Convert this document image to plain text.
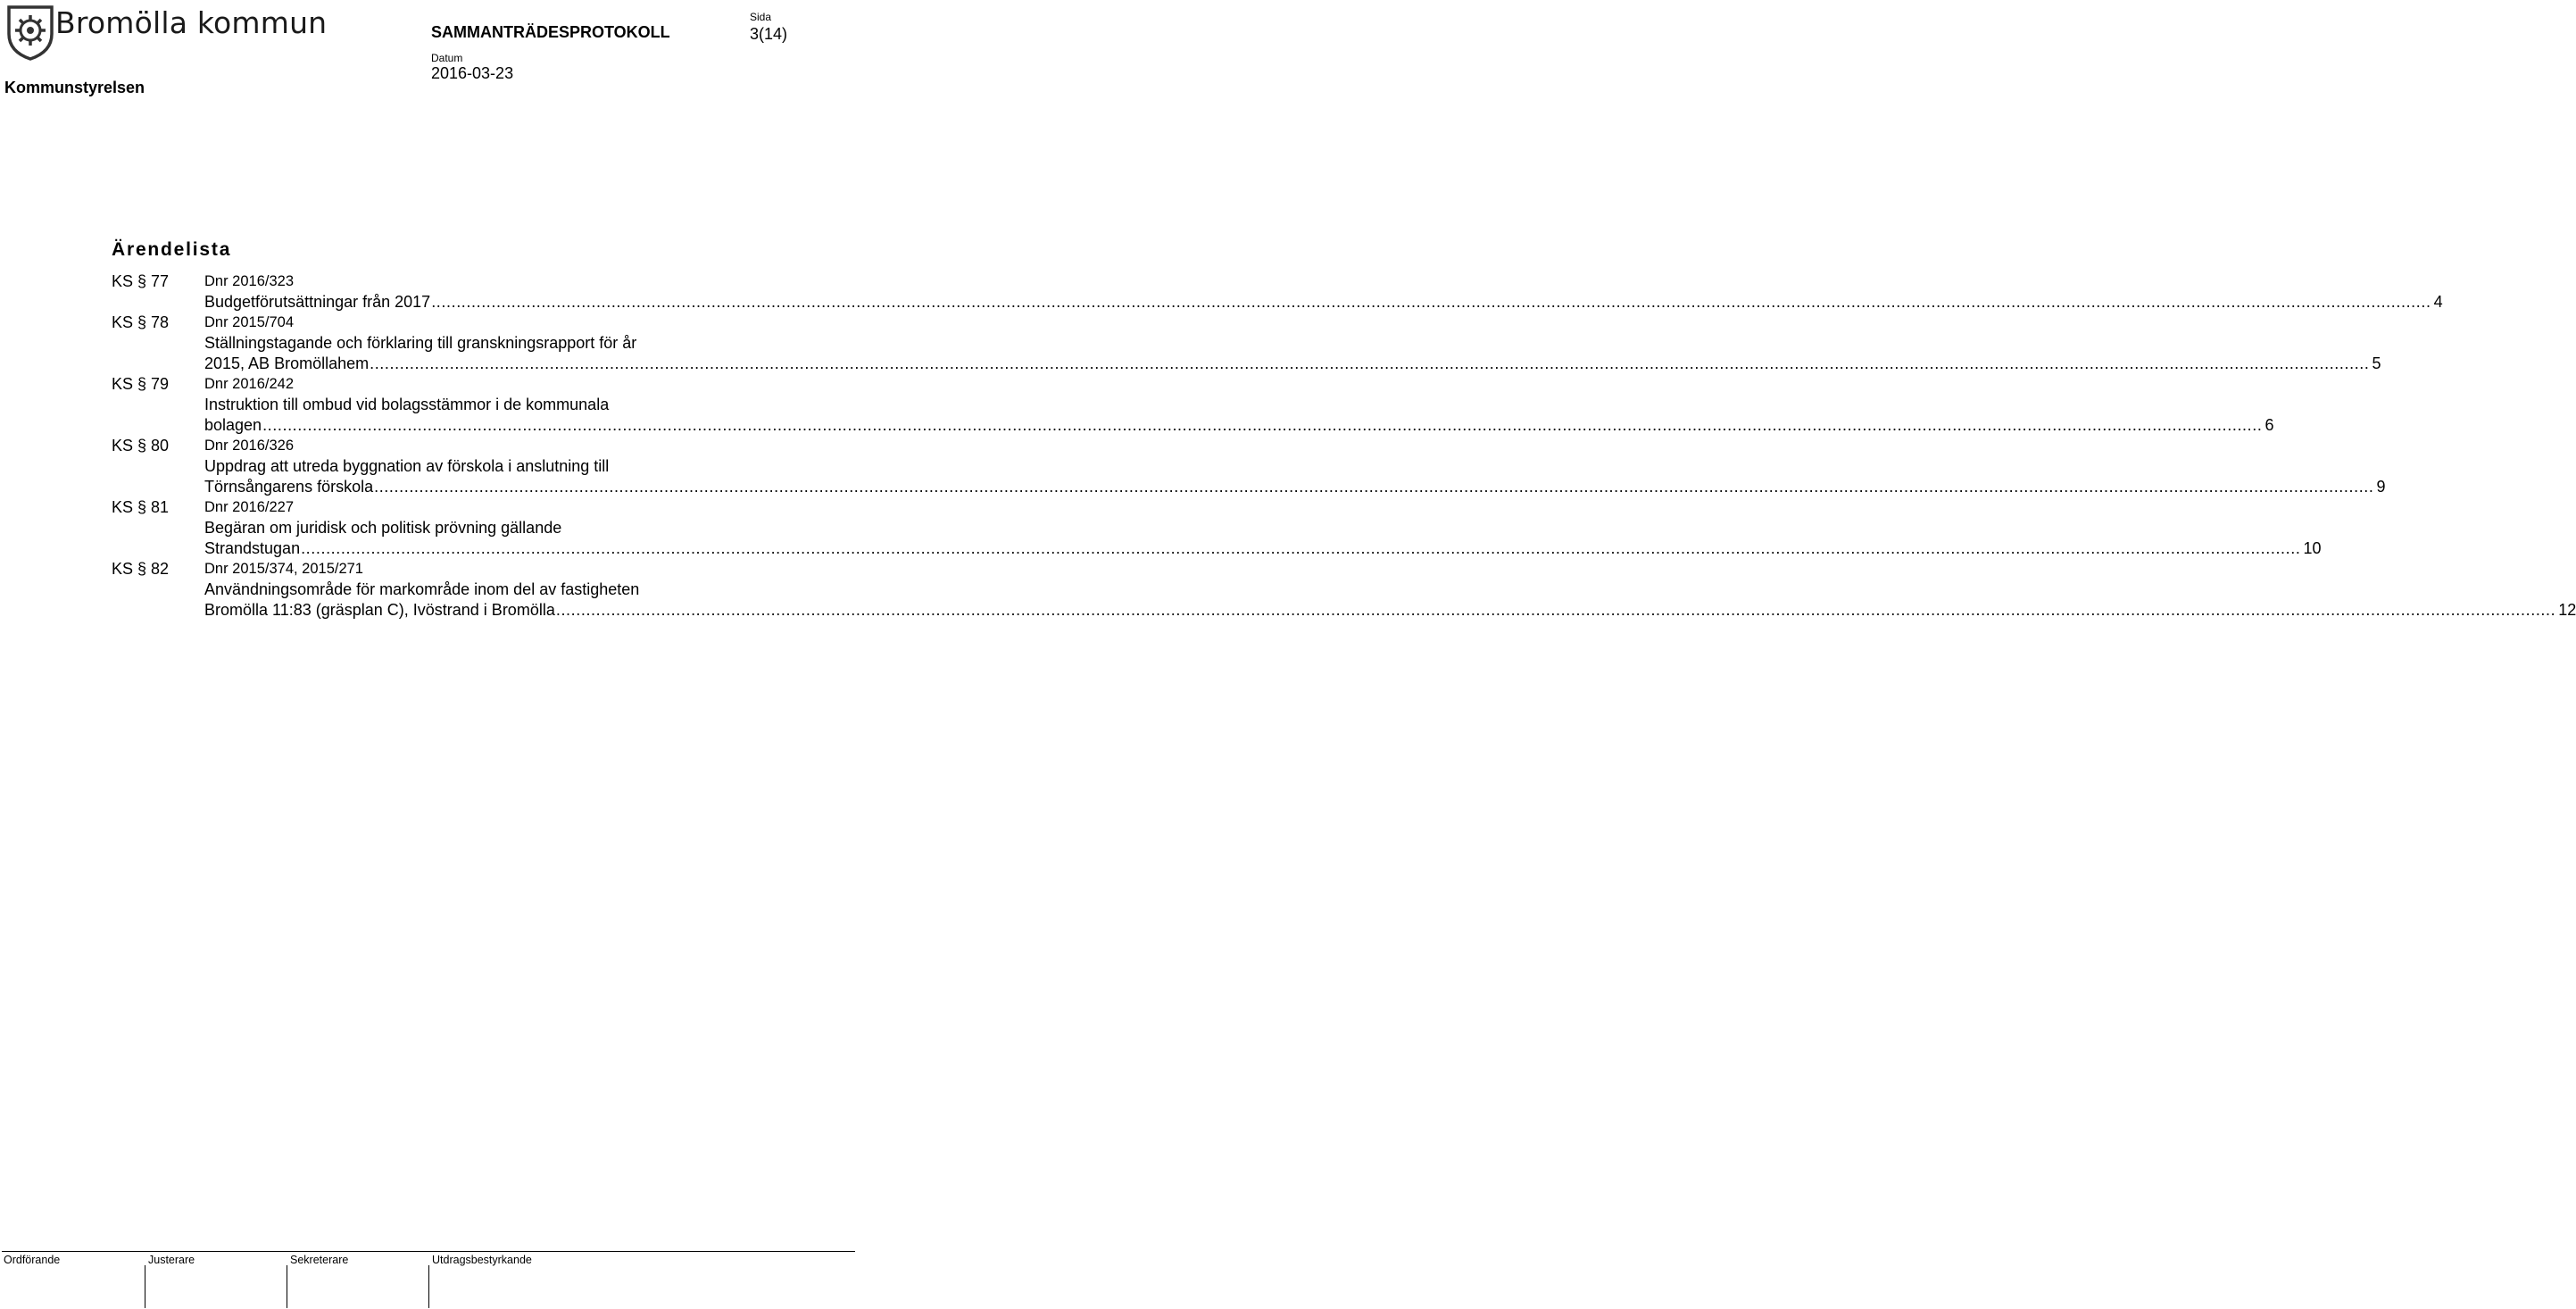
Bromölla kommun
Kommunstyrelsen
SAMMANTRÄDESPROTOKOLL
Datum
2016-03-23
Sida
3(14)
Ärendelista
KS § 77 Dnr 2016/323
Budgetförutsättningar från 2017 ................................................................................................................................................................................................................................................................................................................................................................................................................ 4
KS § 78 Dnr 2015/704
Ställningstagande och förklaring till granskningsrapport för år
2015, AB Bromöllahem ................................................................................................................................................................................................................................................................................................................................................................................................................ 5
KS § 79 Dnr 2016/242
Instruktion till ombud vid bolagsstämmor i de kommunala
bolagen ................................................................................................................................................................................................................................................................................................................................................................................................................ 6
KS § 80 Dnr 2016/326
Uppdrag att utreda byggnation av förskola i anslutning till
Törnsångarens förskola ................................................................................................................................................................................................................................................................................................................................................................................................................ 9
KS § 81 Dnr 2016/227
Begäran om juridisk och politisk prövning gällande
Strandstugan ................................................................................................................................................................................................................................................................................................................................................................................................................ 10
KS § 82 Dnr 2015/374, 2015/271
Användningsområde för markområde inom del av fastigheten
Bromölla 11:83 (gräsplan C), Ivöstrand i Bromölla ................................................................................................................................................................................................................................................................................................................................................................................................................ 12
Ordförande	Justerare	Sekreterare	Utdragsbestyrkande
